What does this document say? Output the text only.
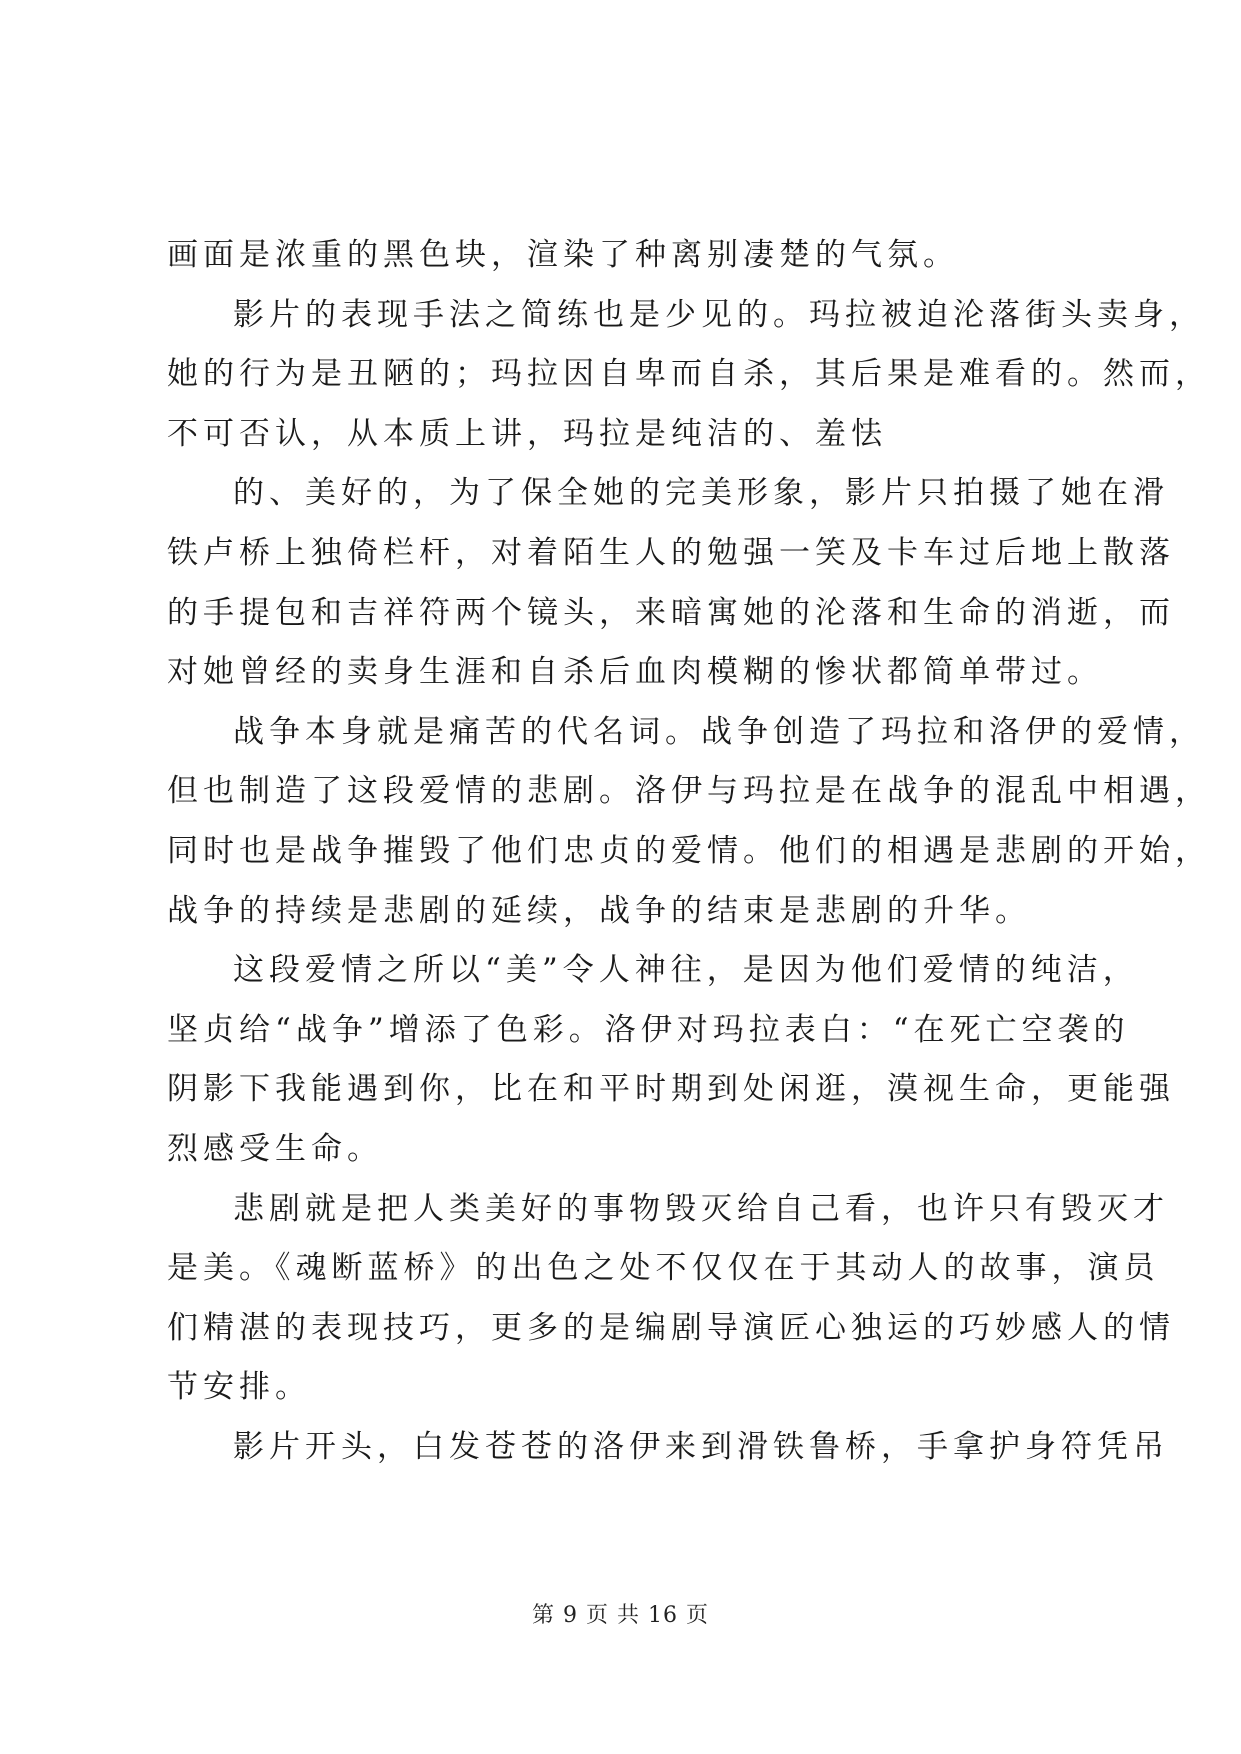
画面是浓重的黑色块，渲染了种离别凄楚的气氛。
影片的表现手法之简练也是少见的。玛拉被迫沦落街头卖身，
她的行为是丑陋的；玛拉因自卑而自杀，其后果是难看的。然而，
不可否认，从本质上讲，玛拉是纯洁的、羞怯
的、美好的，为了保全她的完美形象，影片只拍摄了她在滑
铁卢桥上独倚栏杆，对着陌生人的勉强一笑及卡车过后地上散落
的手提包和吉祥符两个镜头，来暗寓她的沦落和生命的消逝，而
对她曾经的卖身生涯和自杀后血肉模糊的惨状都简单带过。
战争本身就是痛苦的代名词。战争创造了玛拉和洛伊的爱情，
但也制造了这段爱情的悲剧。洛伊与玛拉是在战争的混乱中相遇，
同时也是战争摧毁了他们忠贞的爱情。他们的相遇是悲剧的开始，
战争的持续是悲剧的延续，战争的结束是悲剧的升华。
这段爱情之所以“美”令人神往，是因为他们爱情的纯洁，
坚贞给“战争”增添了色彩。洛伊对玛拉表白：“在死亡空袭的
阴影下我能遇到你，比在和平时期到处闲逛，漠视生命，更能强
烈感受生命。
悲剧就是把人类美好的事物毁灭给自己看，也许只有毁灭才
是美。《魂断蓝桥》的出色之处不仅仅在于其动人的故事，演员
们精湛的表现技巧，更多的是编剧导演匠心独运的巧妙感人的情
节安排。
影片开头，白发苍苍的洛伊来到滑铁鲁桥，手拿护身符凭吊
第 9 页 共 16 页
